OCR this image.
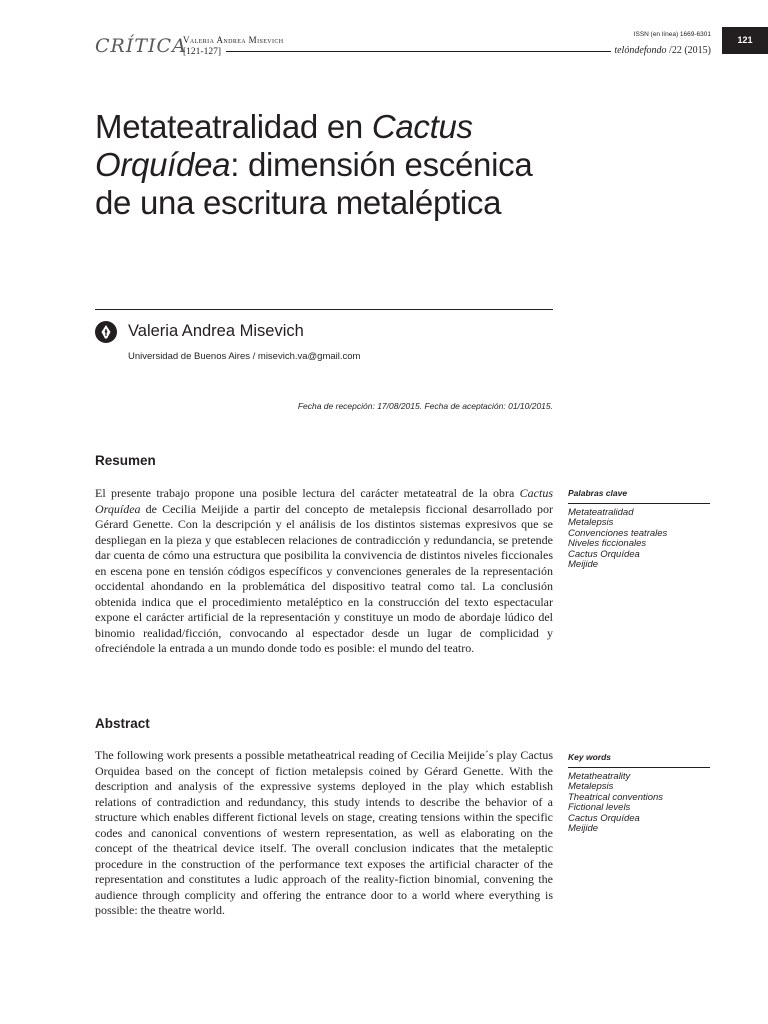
CRÍTICA
Valeria Andrea Misevich
[121-127]
ISSN (en línea) 1669-6301
telóndefondo /22 (2015)
121
Metateatralidad en Cactus Orquídea: dimensión escénica de una escritura metaléptica
Valeria Andrea Misevich
Universidad de Buenos Aires / misevich.va@gmail.com
Fecha de recepción: 17/08/2015. Fecha de aceptación: 01/10/2015.
Resumen

El presente trabajo propone una posible lectura del carácter metateatral de la obra Cactus Orquídea de Cecilia Meijide a partir del concepto de metalepsis ficcional desarrollado por Gérard Genette. Con la descripción y el análisis de los distintos sistemas expresivos que se despliegan en la pieza y que establecen relaciones de contradicción y redundancia, se pretende dar cuenta de cómo una estructura que posibilita la convivencia de distintos niveles ficcionales en escena pone en tensión códigos específicos y convenciones generales de la representación occidental ahondando en la problemática del dispositivo teatral como tal. La conclusión obtenida indica que el procedimiento metaléptico en la construcción del texto espectacular expone el carácter artificial de la representación y constituye un modo de abordaje lúdico del binomio realidad/ficción, convocando al espectador desde un lugar de complicidad y ofreciéndole la entrada a un mundo donde todo es posible: el mundo del teatro.

Palabras clave
Metateatralidad
Metalepsis
Convenciones teatrales
Niveles ficcionales
Cactus Orquídea
Meijide
Abstract

The following work presents a possible metatheatrical reading of Cecilia Meijide´s play Cactus Orquidea based on the concept of fiction metalepsis coined by Gérard Genette. With the description and analysis of the expressive systems deployed in the play which establish relations of contradiction and redundancy, this study intends to describe the behavior of a structure which enables different fictional levels on stage, creating tensions within the specific codes and canonical conventions of western representation, as well as elaborating on the concept of the theatrical device itself. The overall conclusion indicates that the metaleptic procedure in the construction of the performance text exposes the artificial character of the representation and constitutes a ludic approach of the reality-fiction binomial, convening the audience through complicity and offering the entrance door to a world where everything is possible: the theatre world.

Key words
Metatheatrality
Metalepsis
Theatrical conventions
Fictional levels
Cactus Orquídea
Meijide
